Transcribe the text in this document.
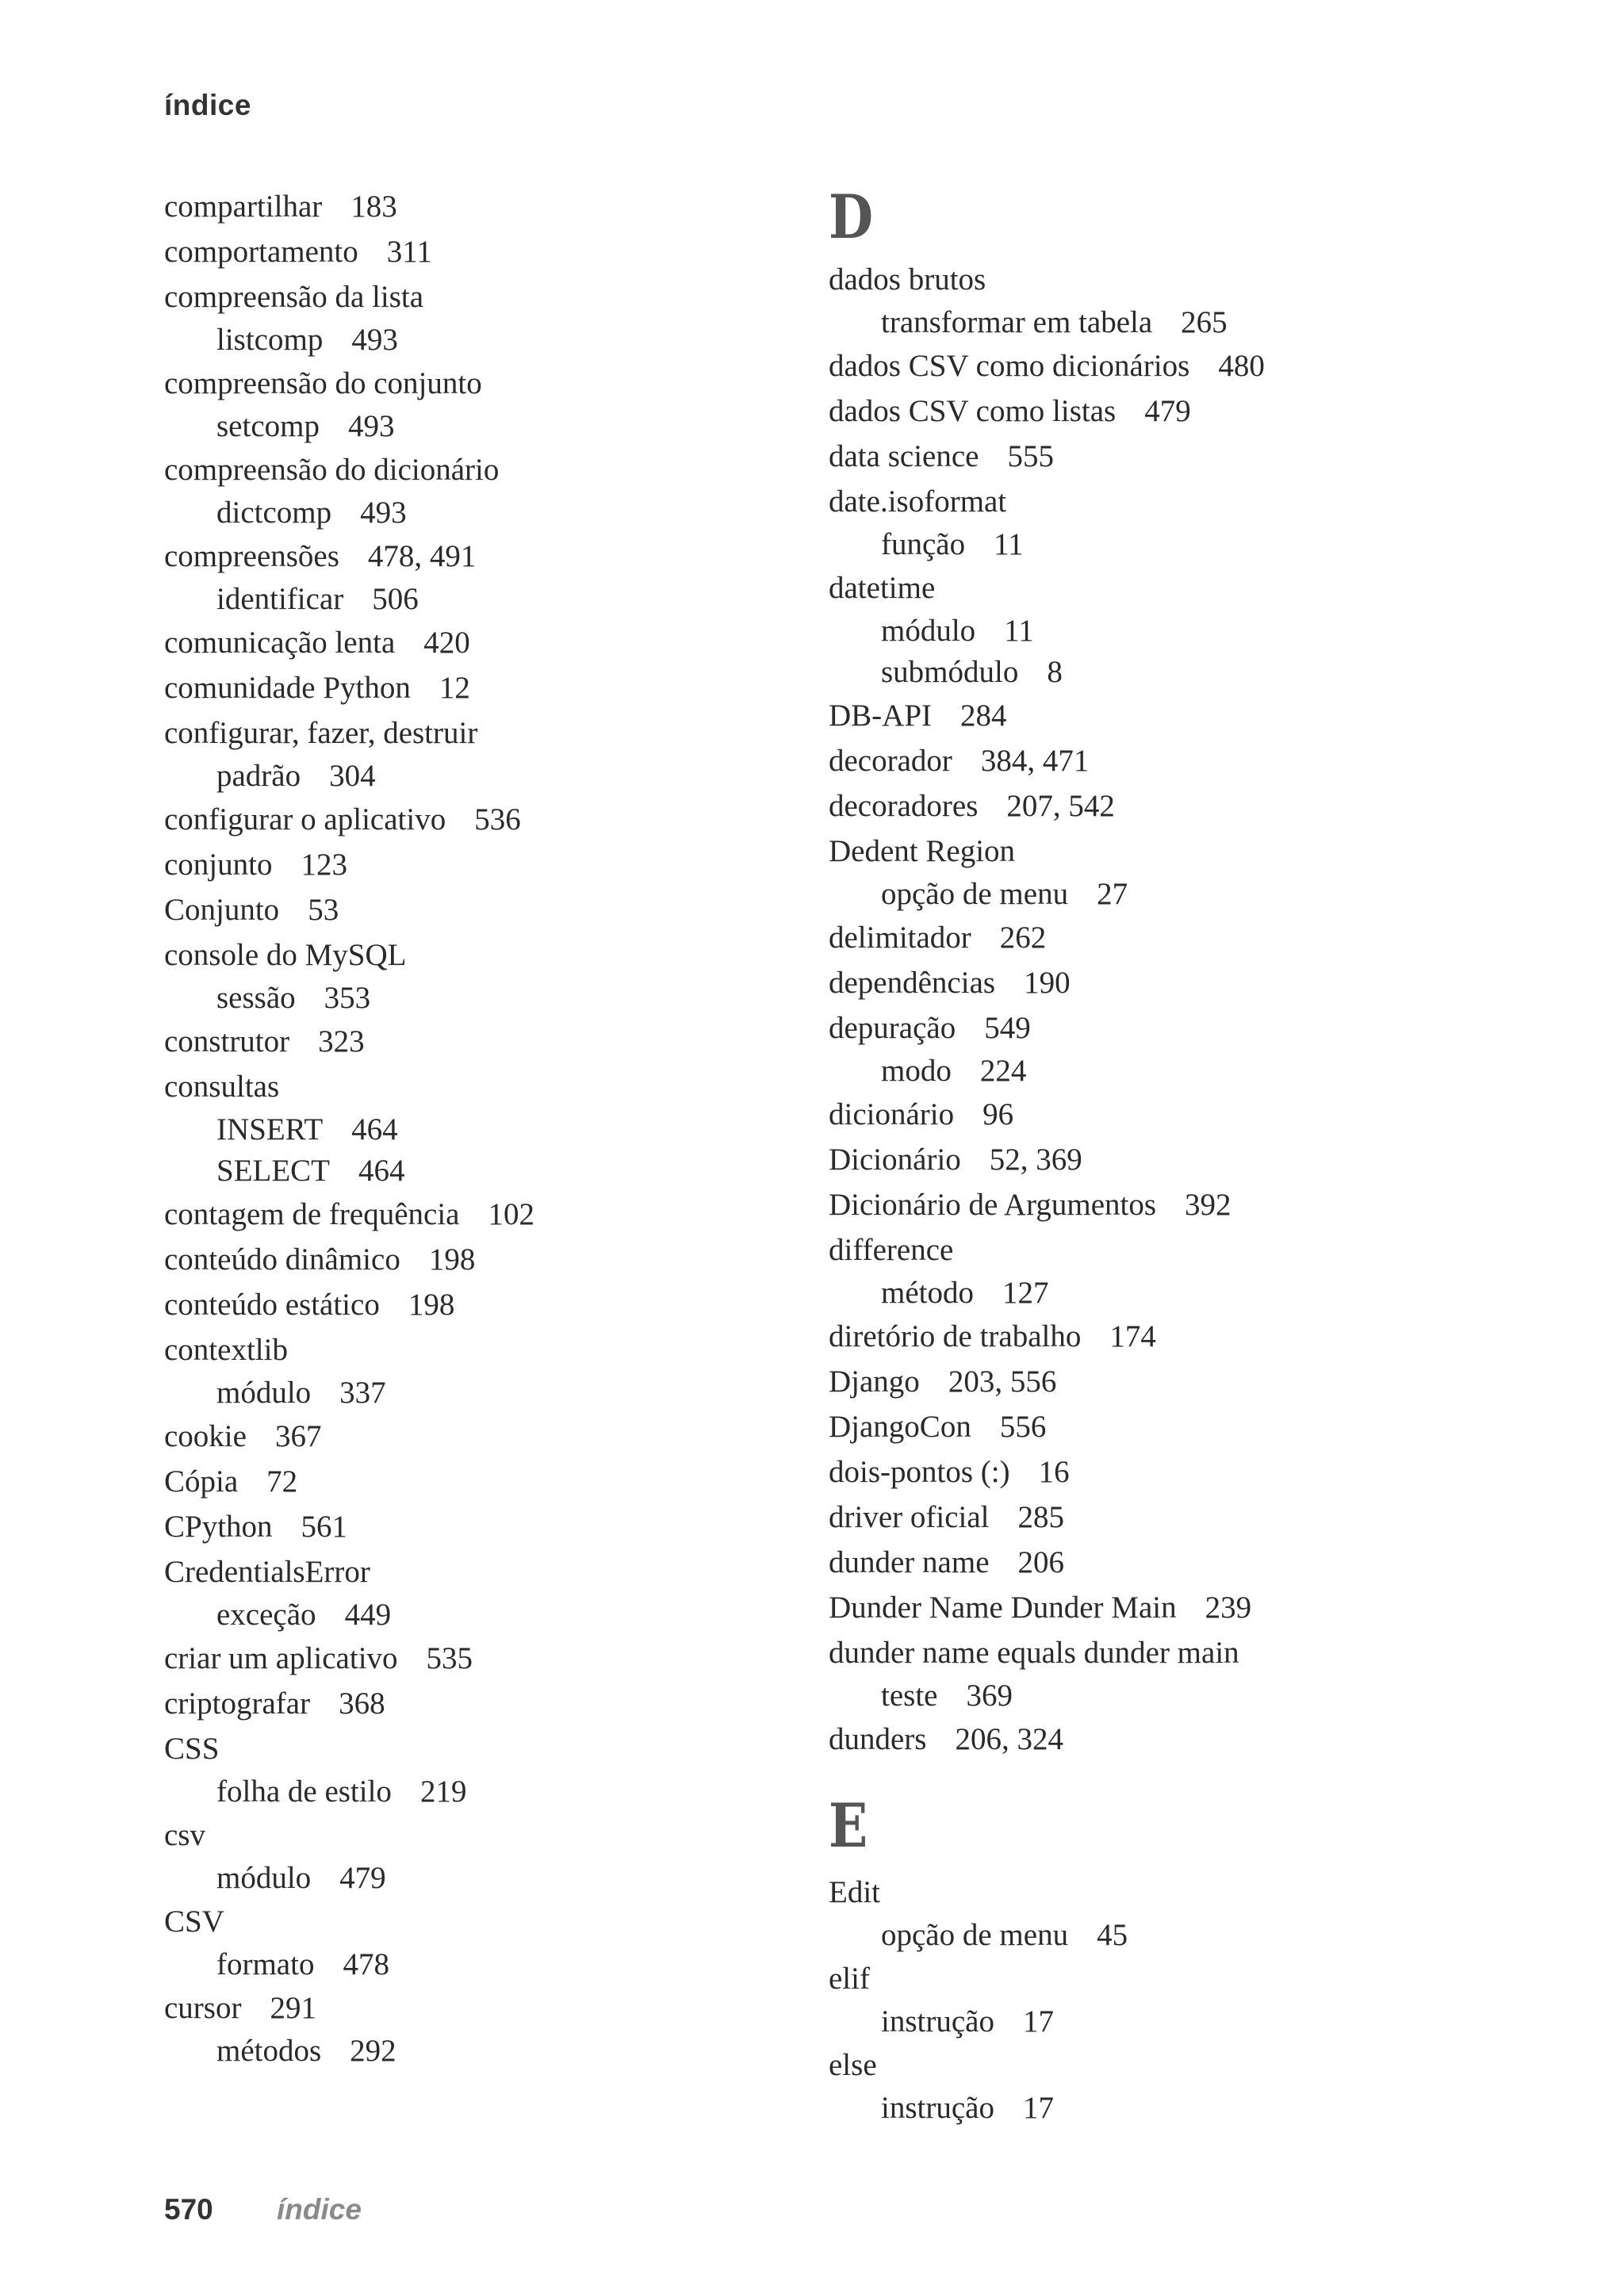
índice
compartilhar 183
comportamento 311
compreensão da lista
listcomp 493
compreensão do conjunto
setcomp 493
compreensão do dicionário
dictcomp 493
compreensões 478, 491
identificar 506
comunicação lenta 420
comunidade Python 12
configurar, fazer, destruir
padrão 304
configurar o aplicativo 536
conjunto 123
Conjunto 53
console do MySQL
sessão 353
construtor 323
consultas
INSERT 464
SELECT 464
contagem de frequência 102
conteúdo dinâmico 198
conteúdo estático 198
contextlib
módulo 337
cookie 367
Cópia 72
CPython 561
CredentialsError
exceção 449
criar um aplicativo 535
criptografar 368
CSS
folha de estilo 219
csv
módulo 479
CSV
formato 478
cursor 291
métodos 292
D
dados brutos
transformar em tabela 265
dados CSV como dicionários 480
dados CSV como listas 479
data science 555
date.isoformat
função 11
datetime
módulo 11
submódulo 8
DB-API 284
decorador 384, 471
decoradores 207, 542
Dedent Region
opção de menu 27
delimitador 262
dependências 190
depuração 549
modo 224
dicionário 96
Dicionário 52, 369
Dicionário de Argumentos 392
difference
método 127
diretório de trabalho 174
Django 203, 556
DjangoCon 556
dois-pontos (:) 16
driver oficial 285
dunder name 206
Dunder Name Dunder Main 239
dunder name equals dunder main
teste 369
dunders 206, 324
E
Edit
opção de menu 45
elif
instrução 17
else
instrução 17
570 índice
